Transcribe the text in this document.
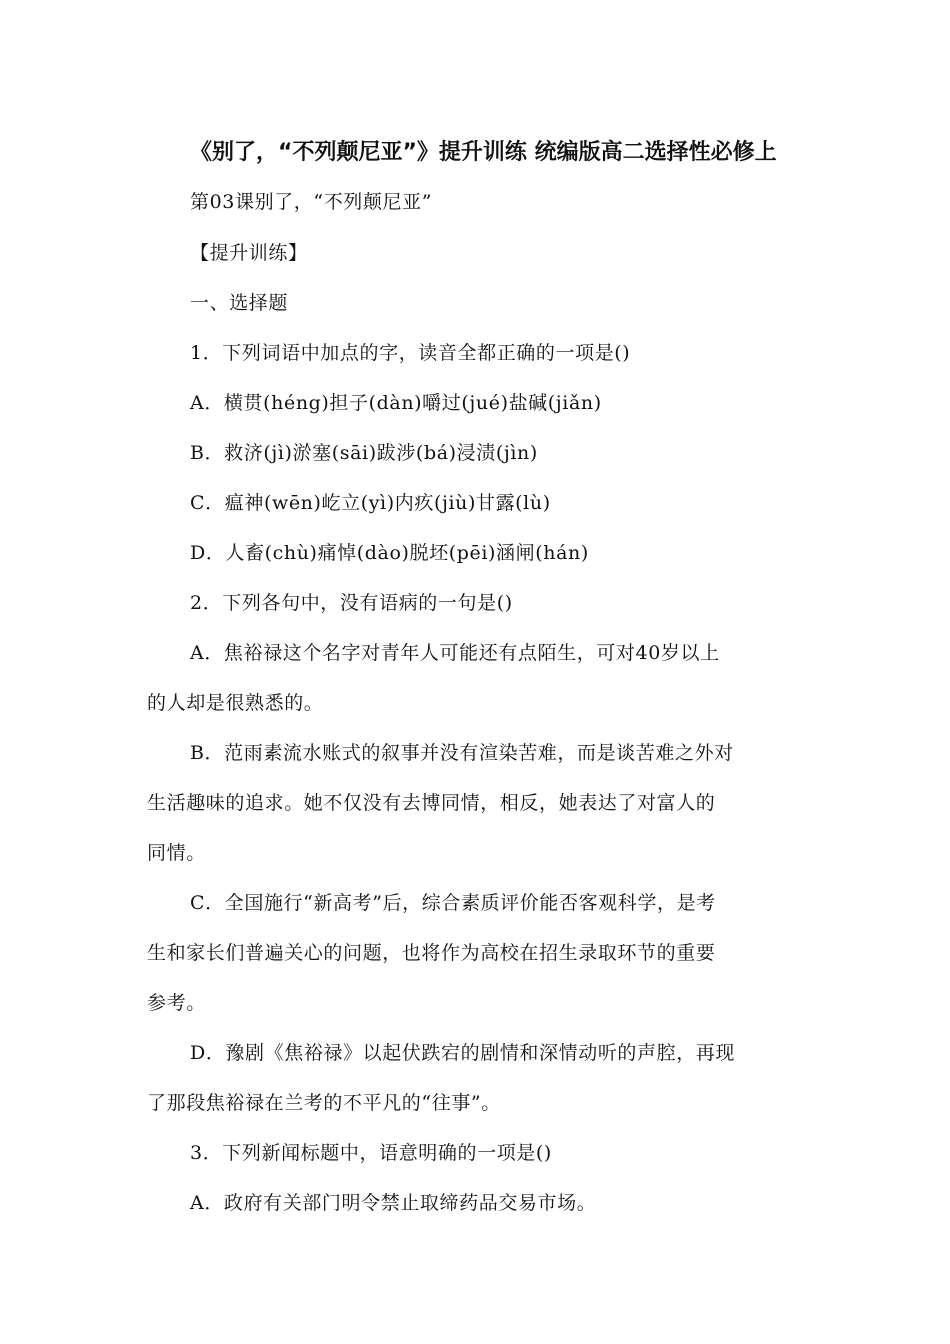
《别了，“不列颠尼亚”》提升训练 统编版高二选择性必修上
第03课别了，“不列颠尼亚”
【提升训练】
一、选择题
1．下列词语中加点的字，读音全都正确的一项是()
A．横贯(héng)担子(dàn)嚼过(jué)盐碱(jiǎn)
B．救济(jì)淤塞(sāi)跋涉(bá)浸渍(jìn)
C．瘟神(wēn)屹立(yì)内疚(jiù)甘露(lù)
D．人畜(chù)痛悼(dào)脱坯(pēi)涵闸(hán)
2．下列各句中，没有语病的一句是()
A．焦裕禄这个名字对青年人可能还有点陌生，可对40岁以上
的人却是很熟悉的。
B．范雨素流水账式的叙事并没有渲染苦难，而是谈苦难之外对
生活趣味的追求。她不仅没有去博同情，相反，她表达了对富人的
同情。
C．全国施行“新高考”后，综合素质评价能否客观科学，是考
生和家长们普遍关心的问题，也将作为高校在招生录取环节的重要
参考。
D．豫剧《焦裕禄》以起伏跌宕的剧情和深情动听的声腔，再现
了那段焦裕禄在兰考的不平凡的“往事”。
3．下列新闻标题中，语意明确的一项是()
A．政府有关部门明令禁止取缔药品交易市场。
